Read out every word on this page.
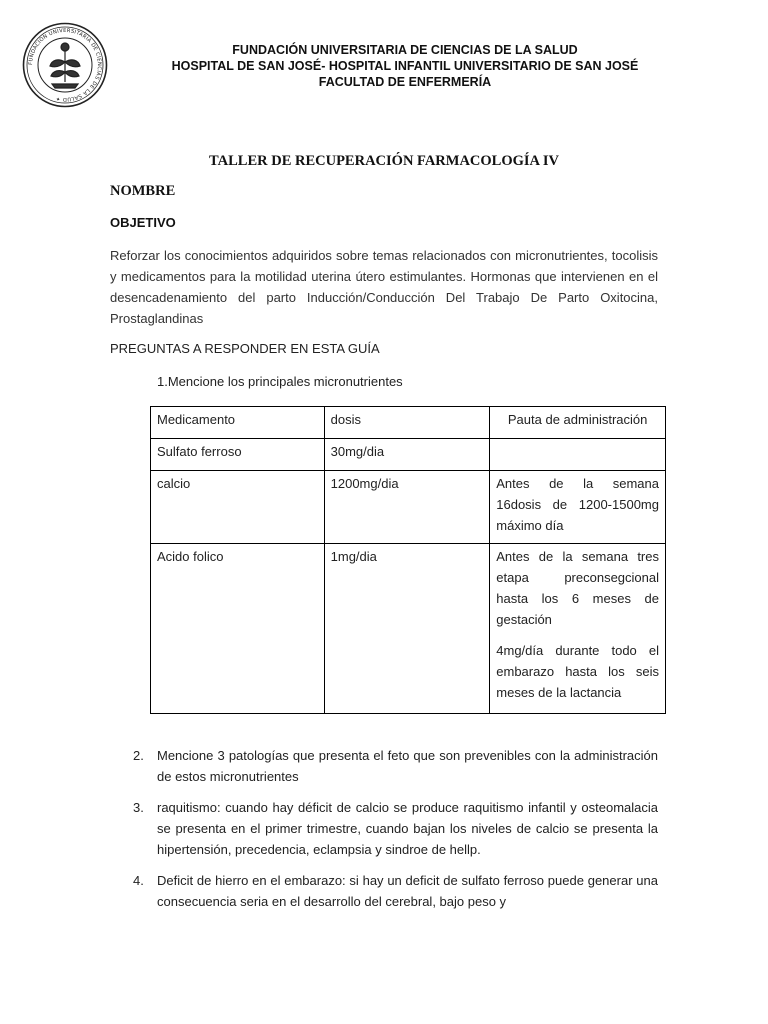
FUNDACIÓN UNIVERSITARIA DE CIENCIAS DE LA SALUD ✦
FUNDACIÓN UNIVERSITARIA DE CIENCIAS DE LA SALUD
HOSPITAL DE SAN JOSÉ- HOSPITAL INFANTIL UNIVERSITARIO DE SAN JOSÉ
FACULTAD DE ENFERMERÍA
TALLER DE RECUPERACIÓN FARMACOLOGÍA IV
NOMBRE
OBJETIVO
Reforzar los conocimientos adquiridos sobre temas relacionados con micronutrientes, tocolisis y medicamentos para la motilidad uterina útero estimulantes. Hormonas que intervienen en el desencadenamiento del parto Inducción/Conducción Del Trabajo De Parto Oxitocina, Prostaglandinas
PREGUNTAS A RESPONDER EN ESTA GUÍA
1.Mencione los principales micronutrientes
Medicamento	dosis	Pauta de administración
Sulfato ferroso	30mg/dia	
calcio	1200mg/dia	Antes de la semana 16dosis de 1200-1500mg máximo día

Acido folico	1mg/dia	Antes de la semana tres etapa preconsegcional hasta los 6 meses de gestación

4mg/día durante todo el embarazo hasta los seis meses de la lactancia

2. Mencione 3 patologías que presenta el feto que son prevenibles con la administración de estos micronutrientes
3. raquitismo: cuando hay déficit de calcio se produce raquitismo infantil y osteomalacia se presenta en el primer trimestre, cuando bajan los niveles de calcio se presenta la hipertensión, precedencia, eclampsia y sindroe de hellp.
4. Deficit de hierro en el embarazo: si hay un deficit de sulfato ferroso puede generar una consecuencia seria en el desarrollo del cerebral, bajo peso y
